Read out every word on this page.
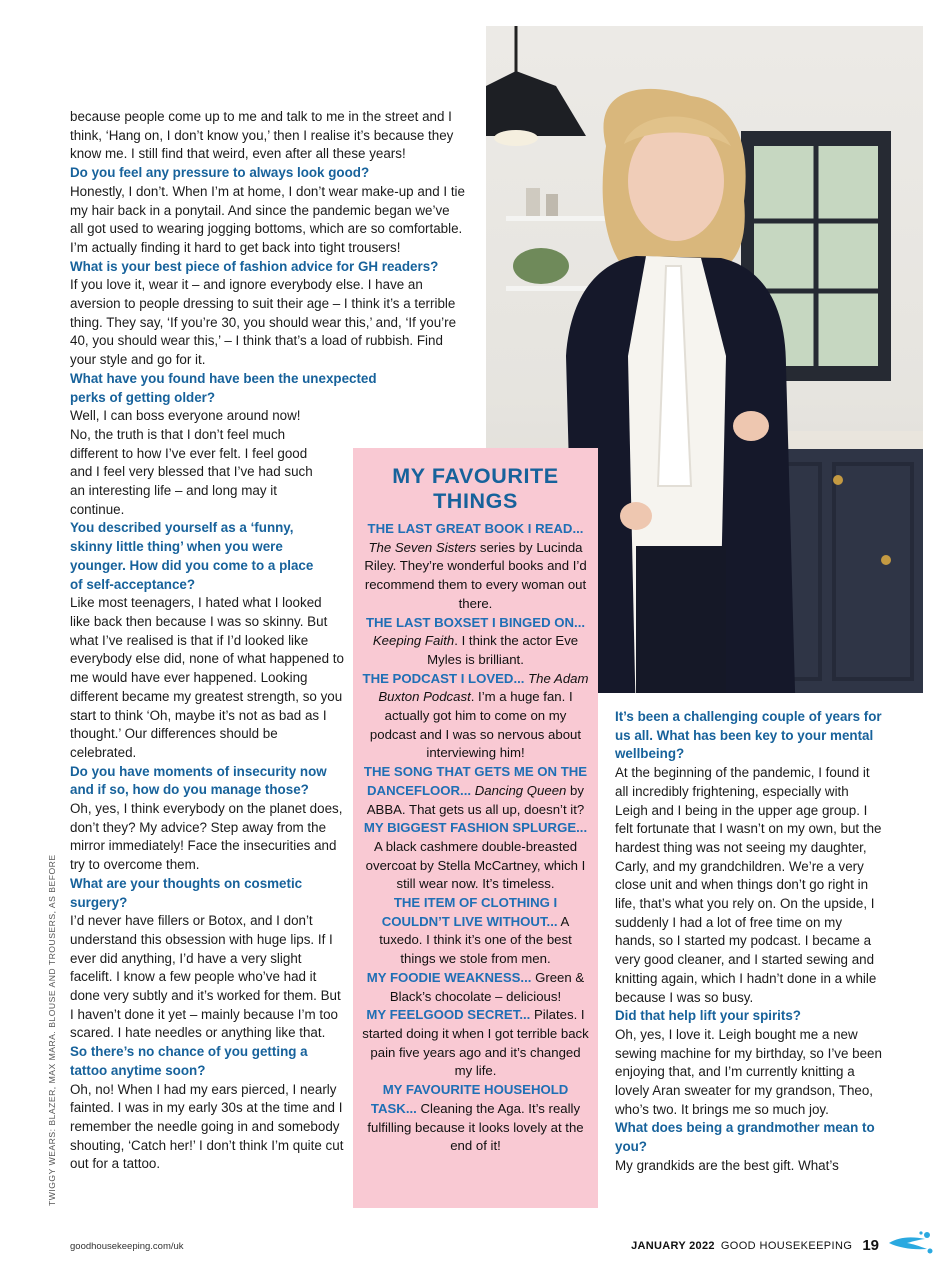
because people come up to me and talk to me in the street and I think, ‘Hang on, I don’t know you,’ then I realise it’s because they know me. I still find that weird, even after all these years!

Do you feel any pressure to always look good?

Honestly, I don’t. When I’m at home, I don’t wear make-up and I tie my hair back in a ponytail. And since the pandemic began we’ve all got used to wearing jogging bottoms, which are so comfortable. I’m actually finding it hard to get back into tight trousers!

What is your best piece of fashion advice for GH readers?

If you love it, wear it – and ignore everybody else. I have an aversion to people dressing to suit their age – I think it’s a terrible thing. They say, ‘If you’re 30, you should wear this,’ and, ‘If you’re 40, you should wear this,’ – I think that’s a load of rubbish. Find your style and go for it.

What have you found have been the unexpected perks of getting older?

Well, I can boss everyone around now! No, the truth is that I don’t feel much different to how I’ve ever felt. I feel good and I feel very blessed that I’ve had such an interesting life – and long may it continue.

You described yourself as a ‘funny, skinny little thing’ when you were younger. How did you come to a place of self-acceptance?

Like most teenagers, I hated what I looked like back then because I was so skinny. But what I’ve realised is that if I’d looked like everybody else did, none of what happened to me would have ever happened. Looking different became my greatest strength, so you start to think ‘Oh, maybe it’s not as bad as I thought.’ Our differences should be celebrated.

Do you have moments of insecurity now and if so, how do you manage those?

Oh, yes, I think everybody on the planet does, don’t they? My advice? Step away from the mirror immediately! Face the insecurities and try to overcome them.

What are your thoughts on cosmetic surgery?

I’d never have fillers or Botox, and I don’t understand this obsession with huge lips. If I ever did anything, I’d have a very slight facelift. I know a few people who’ve had it done very subtly and it’s worked for them. But I haven’t done it yet – mainly because I’m too scared. I hate needles or anything like that.

So there’s no chance of you getting a tattoo anytime soon?

Oh, no! When I had my ears pierced, I nearly fainted. I was in my early 30s at the time and I remember the needle going in and somebody shouting, ‘Catch her!’ I don’t think I’m quite cut out for a tattoo.

MY FAVOURITE THINGS

THE LAST GREAT BOOK I READ... The Seven Sisters series by Lucinda Riley. They’re wonderful books and I’d recommend them to every woman out there.

THE LAST BOXSET I BINGED ON... Keeping Faith. I think the actor Eve Myles is brilliant.

THE PODCAST I LOVED... The Adam Buxton Podcast. I’m a huge fan. I actually got him to come on my podcast and I was so nervous about interviewing him!

THE SONG THAT GETS ME ON THE DANCEFLOOR... Dancing Queen by ABBA. That gets us all up, doesn’t it?

MY BIGGEST FASHION SPLURGE... A black cashmere double-breasted overcoat by Stella McCartney, which I still wear now. It’s timeless.

THE ITEM OF CLOTHING I COULDN’T LIVE WITHOUT... A tuxedo. I think it’s one of the best things we stole from men.

MY FOODIE WEAKNESS... Green & Black’s chocolate – delicious!

MY FEELGOOD SECRET... Pilates. I started doing it when I got terrible back pain five years ago and it’s changed my life.

MY FAVOURITE HOUSEHOLD TASK... Cleaning the Aga. It’s really fulfilling because it looks lovely at the end of it!

It’s been a challenging couple of years for us all. What has been key to your mental wellbeing?

At the beginning of the pandemic, I found it all incredibly frightening, especially with Leigh and I being in the upper age group. I felt fortunate that I wasn’t on my own, but the hardest thing was not seeing my daughter, Carly, and my grandchildren. We’re a very close unit and when things don’t go right in life, that’s what you rely on. On the upside, I suddenly I had a lot of free time on my hands, so I started my podcast. I became a very good cleaner, and I started sewing and knitting again, which I hadn’t done in a while because I was so busy.

Did that help lift your spirits?

Oh, yes, I love it. Leigh bought me a new sewing machine for my birthday, so I’ve been enjoying that, and I’m currently knitting a lovely Aran sweater for my grandson, Theo, who’s two. It brings me so much joy.

What does being a grandmother mean to you?

My grandkids are the best gift. What’s

TWIGGY WEARS: BLAZER, MAX MARA. BLOUSE AND TROUSERS, AS BEFORE
goodhousekeeping.com/uk	JANUARY 2022 GOOD HOUSEKEEPING 19
